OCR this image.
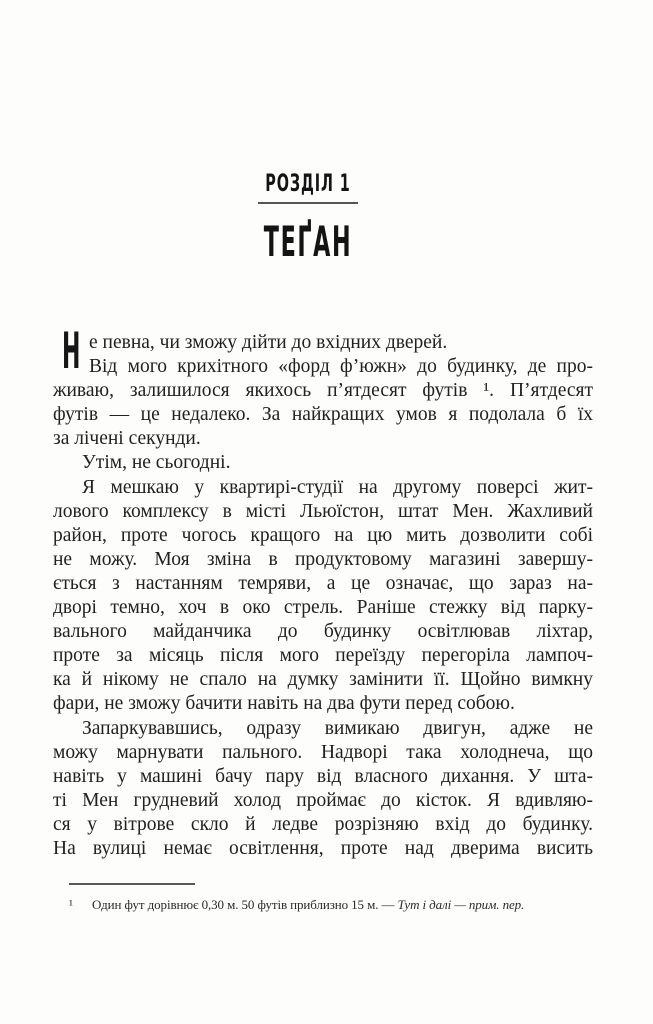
РОЗДІЛ 1
ТЕҐАН
Н е певна, чи зможу дійти до вхідних дверей.
Від мого крихітного «форд ф’южн» до будинку, де про-
живаю, залишилося якихось п’ятдесят футів ¹. П’ятдесят
футів — це недалеко. За найкращих умов я подолала б їх
за лічені секунди.
Утім, не сьогодні.
Я мешкаю у квартирі-студії на другому поверсі жит-
лового комплексу в місті Льюїстон, штат Мен. Жахливий
район, проте чогось кращого на цю мить дозволити собі
не можу. Моя зміна в продуктовому магазині завершу-
ється з настанням темряви, а це означає, що зараз на-
дворі темно, хоч в око стрель. Раніше стежку від парку-
вального майданчика до будинку освітлював ліхтар,
проте за місяць після мого переїзду перегоріла лампоч-
ка й нікому не спало на думку замінити її. Щойно вимкну
фари, не зможу бачити навіть на два фути перед собою.
Запаркувавшись, одразу вимикаю двигун, адже не
можу марнувати пального. Надворі така холоднеча, що
навіть у машині бачу пару від власного дихання. У шта-
ті Мен грудневий холод проймає до кісток. Я вдивляю-
ся у вітрове скло й ледве розрізняю вхід до будинку.
На вулиці немає освітлення, проте над дверима висить
¹	Один фут дорівнює 0,30 м. 50 футів приблизно 15 м. — Тут і далі — прим. пер.
